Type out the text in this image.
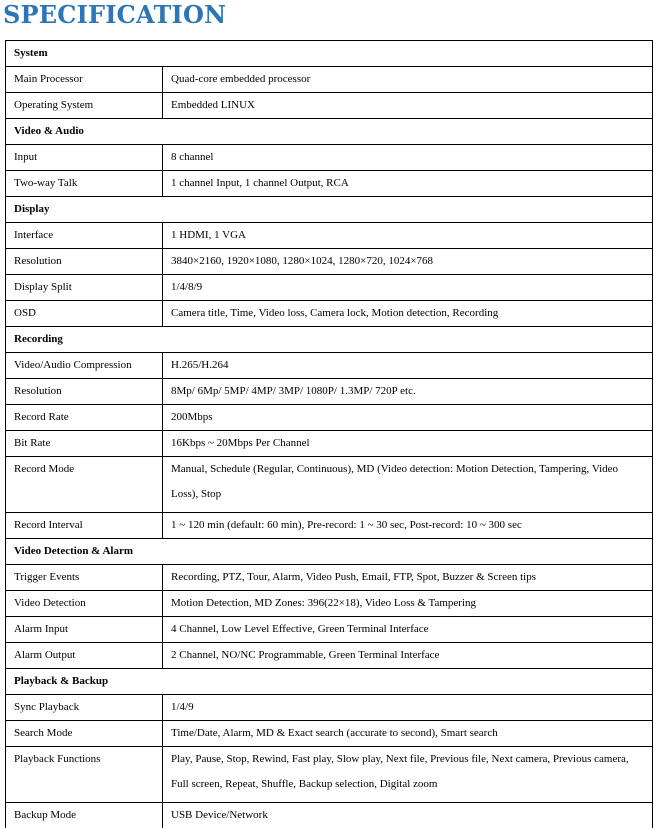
SPECIFICATION
System	
Main Processor	Quad-core embedded processor
Operating System	Embedded LINUX
Video & Audio	
Input	8 channel
Two-way Talk	1 channel Input, 1 channel Output, RCA
Display	
Interface	1 HDMI, 1 VGA
Resolution	3840×2160, 1920×1080, 1280×1024, 1280×720, 1024×768
Display Split	1/4/8/9
OSD	Camera title, Time, Video loss, Camera lock, Motion detection, Recording
Recording	
Video/Audio Compression	H.265/H.264
Resolution	8Mp/ 6Mp/ 5MP/ 4MP/ 3MP/ 1080P/ 1.3MP/ 720P etc.
Record Rate	200Mbps
Bit Rate	16Kbps ~ 20Mbps Per Channel
Record Mode	Manual, Schedule (Regular, Continuous), MD (Video detection: Motion Detection, Tampering, Video Loss), Stop
Record Interval	1 ~ 120 min (default: 60 min), Pre-record: 1 ~ 30 sec, Post-record: 10 ~ 300 sec
Video Detection & Alarm	
Trigger Events	Recording, PTZ, Tour, Alarm, Video Push, Email, FTP, Spot, Buzzer & Screen tips
Video Detection	Motion Detection, MD Zones: 396(22×18), Video Loss & Tampering
Alarm Input	4 Channel, Low Level Effective, Green Terminal Interface
Alarm Output	2 Channel, NO/NC Programmable, Green Terminal Interface
Playback & Backup	
Sync Playback	1/4/9
Search Mode	Time/Date, Alarm, MD & Exact search (accurate to second), Smart search
Playback Functions	Play, Pause, Stop, Rewind, Fast play, Slow play, Next file, Previous file, Next camera, Previous camera, Full screen, Repeat, Shuffle, Backup selection, Digital zoom
Backup Mode	USB Device/Network
